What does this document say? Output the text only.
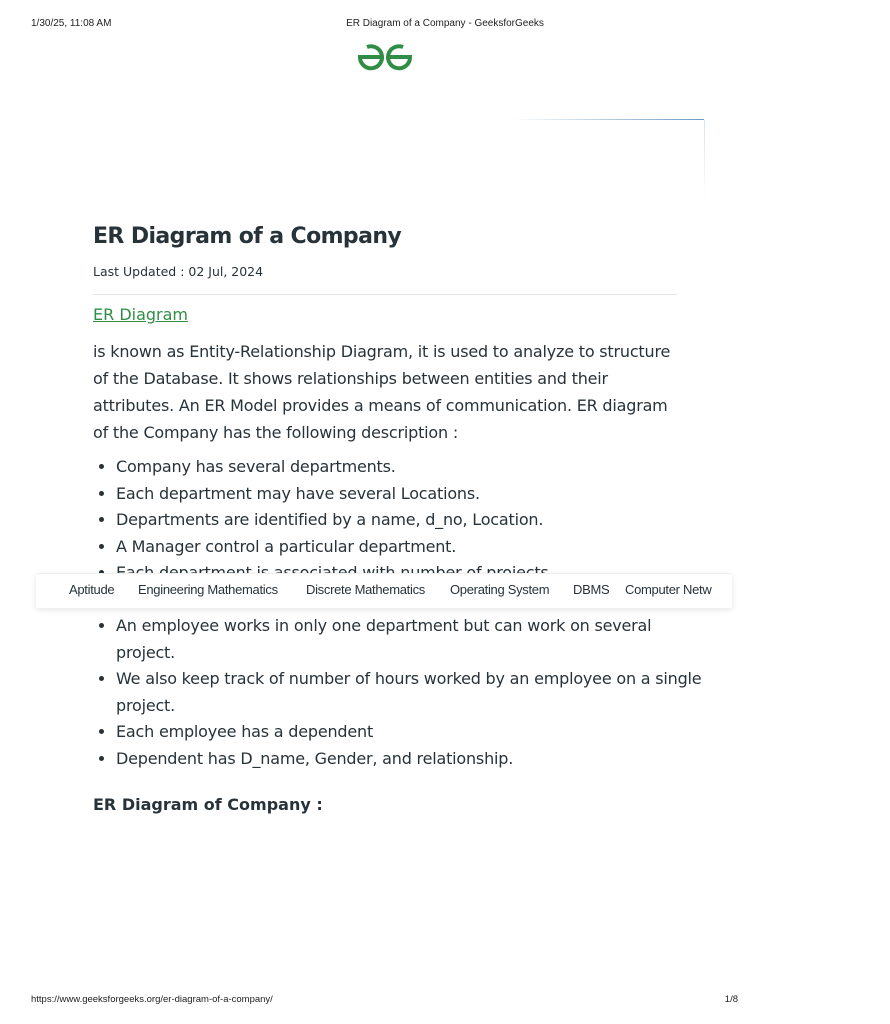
1/30/25, 11:08 AM	ER Diagram of a Company - GeeksforGeeks
ER Diagram of a Company
Last Updated : 02 Jul, 2024
ER Diagram

is known as Entity-Relationship Diagram, it is used to analyze to structure of the Database. It shows relationships between entities and their attributes. An ER Model provides a means of communication. ER diagram of the Company has the following description :

• Company has several departments.
• Each department may have several Locations.
• Departments are identified by a name, d_no, Location.
• A Manager control a particular department.
•
Aptitude Engineering Mathematics Discrete Mathematics Operating System DBMS Computer Netw
• An employee works in only one department but can work on several project.
• We also keep track of number of hours worked by an employee on a single project.
• Each employee has a dependent
• Dependent has D_name, Gender, and relationship.
ER Diagram of Company :
https://www.geeksforgeeks.org/er-diagram-of-a-company/	1/8
